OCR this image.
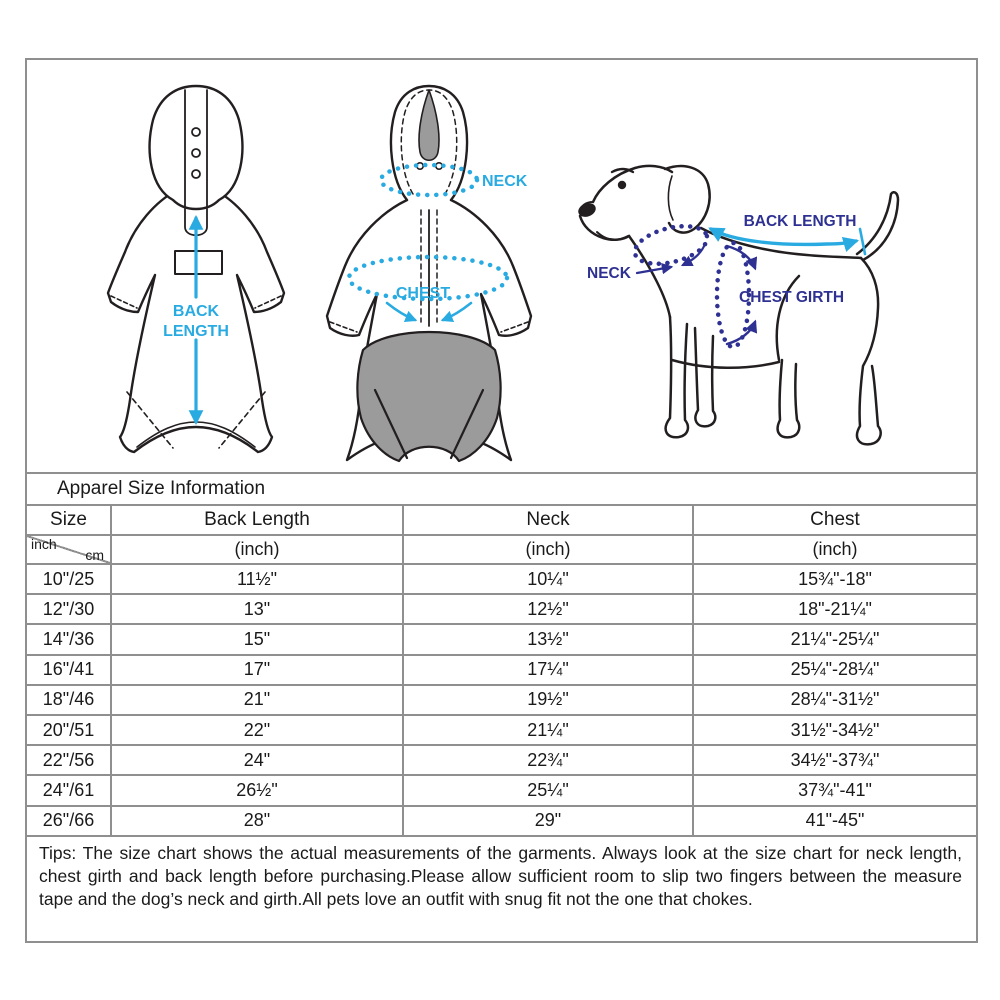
BACK
LENGTH
NECK
CHEST
BACK LENGTH
NECK
CHEST GIRTH
Apparel Size Information
Size	Back Length	Neck	Chest
inch
cm	(inch)	(inch)	(inch)
10"/25	11½"	10¼"	15¾"-18"
12"/30	13"	12½"	18"-21¼"
14"/36	15"	13½"	21¼"-25¼"
16"/41	17"	17¼"	25¼"-28¼"
18"/46	21"	19½"	28¼"-31½"
20"/51	22"	21¼"	31½"-34½"
22"/56	24"	22¾"	34½"-37¾"
24"/61	26½"	25¼"	37¾"-41"
26"/66	28"	29"	41"-45"
Tips: The size chart shows the actual measurements of the garments. Always look at the size chart for neck length, chest girth and back length before purchasing.Please allow sufficient room to slip two fingers between the measure tape and the dog’s neck and girth.All pets love an outfit with snug fit not the one that chokes.
